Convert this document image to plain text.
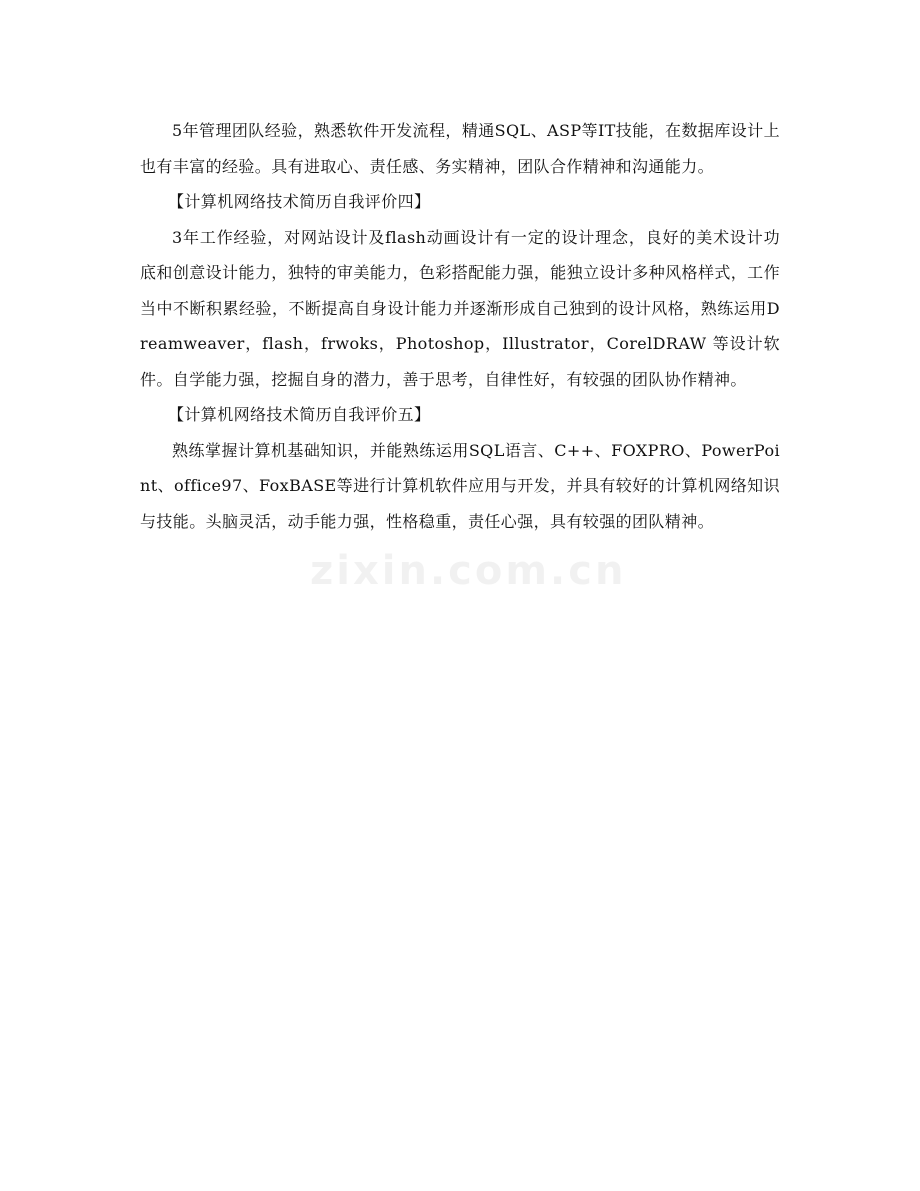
5年管理团队经验，熟悉软件开发流程，精通SQL、ASP等IT技能，在数据库设计上也有丰富的经验。具有进取心、责任感、务实精神，团队合作精神和沟通能力。

【计算机网络技术简历自我评价四】

3年工作经验，对网站设计及flash动画设计有一定的设计理念，良好的美术设计功底和创意设计能力，独特的审美能力，色彩搭配能力强，能独立设计多种风格样式，工作当中不断积累经验，不断提高自身设计能力并逐渐形成自己独到的设计风格，熟练运用Dreamweaver，flash，frwoks，Photoshop，Illustrator，CorelDRAW 等设计软件。自学能力强，挖掘自身的潜力，善于思考，自律性好，有较强的团队协作精神。

【计算机网络技术简历自我评价五】

熟练掌握计算机基础知识，并能熟练运用SQL语言、C++、FOXPRO、PowerPoint、office97、FoxBASE等进行计算机软件应用与开发，并具有较好的计算机网络知识与技能。头脑灵活，动手能力强，性格稳重，责任心强，具有较强的团队精神。

zixin.com.cn
